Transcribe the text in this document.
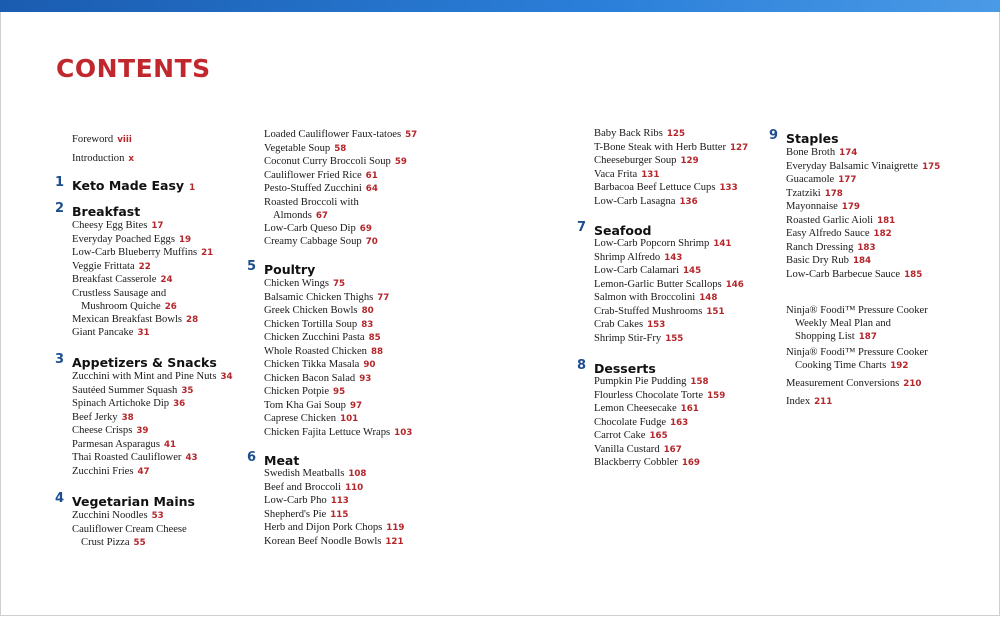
CONTENTS
Foreword viii
Introduction x
1 Keto Made Easy 1
2 Breakfast
Cheesy Egg Bites 17
Everyday Poached Eggs 19
Low-Carb Blueberry Muffins 21
Veggie Frittata 22
Breakfast Casserole 24
Crustless Sausage and
Mushroom Quiche 26
Mexican Breakfast Bowls 28
Giant Pancake 31
3 Appetizers & Snacks
Zucchini with Mint and Pine Nuts 34
Sautéed Summer Squash 35
Spinach Artichoke Dip 36
Beef Jerky 38
Cheese Crisps 39
Parmesan Asparagus 41
Thai Roasted Cauliflower 43
Zucchini Fries 47
4 Vegetarian Mains
Zucchini Noodles 53
Cauliflower Cream Cheese
Crust Pizza 55
Loaded Cauliflower Faux-tatoes 57
Vegetable Soup 58
Coconut Curry Broccoli Soup 59
Cauliflower Fried Rice 61
Pesto-Stuffed Zucchini 64
Roasted Broccoli with
Almonds 67
Low-Carb Queso Dip 69
Creamy Cabbage Soup 70
5 Poultry
Chicken Wings 75
Balsamic Chicken Thighs 77
Greek Chicken Bowls 80
Chicken Tortilla Soup 83
Chicken Zucchini Pasta 85
Whole Roasted Chicken 88
Chicken Tikka Masala 90
Chicken Bacon Salad 93
Chicken Potpie 95
Tom Kha Gai Soup 97
Caprese Chicken 101
Chicken Fajita Lettuce Wraps 103
6 Meat
Swedish Meatballs 108
Beef and Broccoli 110
Low-Carb Pho 113
Shepherd's Pie 115
Herb and Dijon Pork Chops 119
Korean Beef Noodle Bowls 121
Baby Back Ribs 125
T-Bone Steak with Herb Butter 127
Cheeseburger Soup 129
Vaca Frita 131
Barbacoa Beef Lettuce Cups 133
Low-Carb Lasagna 136
7 Seafood
Low-Carb Popcorn Shrimp 141
Shrimp Alfredo 143
Low-Carb Calamari 145
Lemon-Garlic Butter Scallops 146
Salmon with Broccolini 148
Crab-Stuffed Mushrooms 151
Crab Cakes 153
Shrimp Stir-Fry 155
8 Desserts
Pumpkin Pie Pudding 158
Flourless Chocolate Torte 159
Lemon Cheesecake 161
Chocolate Fudge 163
Carrot Cake 165
Vanilla Custard 167
Blackberry Cobbler 169
9 Staples
Bone Broth 174
Everyday Balsamic Vinaigrette 175
Guacamole 177
Tzatziki 178
Mayonnaise 179
Roasted Garlic Aioli 181
Easy Alfredo Sauce 182
Ranch Dressing 183
Basic Dry Rub 184
Low-Carb Barbecue Sauce 185
Ninja® Foodi™ Pressure Cooker
Weekly Meal Plan and
Shopping List 187
Ninja® Foodi™ Pressure Cooker
Cooking Time Charts 192
Measurement Conversions 210
Index 211
